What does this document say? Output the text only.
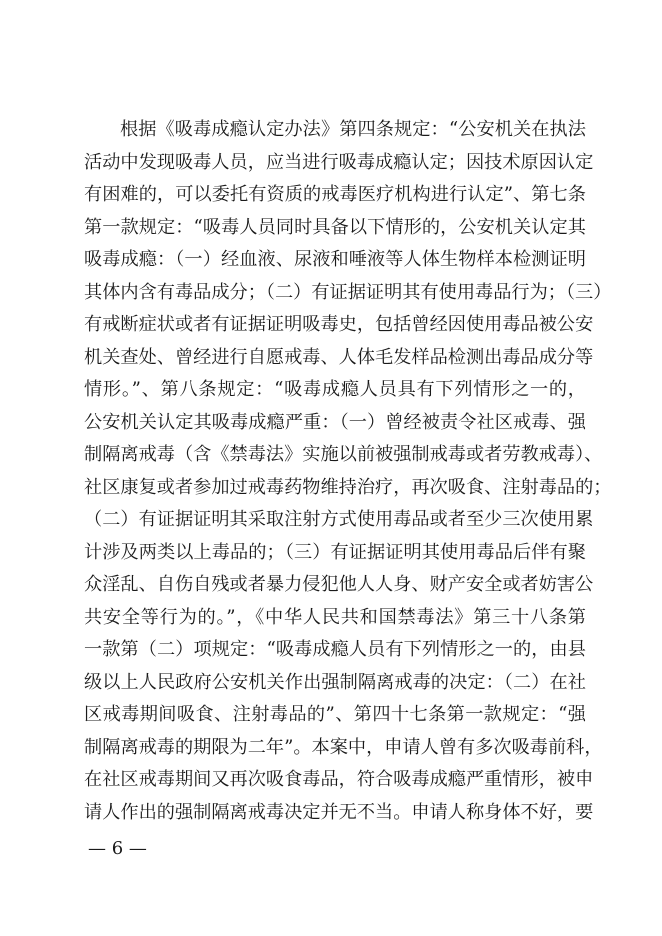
根据《吸毒成瘾认定办法》第四条规定：“公安机关在执法
活动中发现吸毒人员，应当进行吸毒成瘾认定；因技术原因认定
有困难的，可以委托有资质的戒毒医疗机构进行认定”、第七条
第一款规定：“吸毒人员同时具备以下情形的，公安机关认定其
吸毒成瘾：（一）经血液、尿液和唾液等人体生物样本检测证明
其体内含有毒品成分；（二）有证据证明其有使用毒品行为；（三）
有戒断症状或者有证据证明吸毒史，包括曾经因使用毒品被公安
机关查处、曾经进行自愿戒毒、人体毛发样品检测出毒品成分等
情形。”、第八条规定：“吸毒成瘾人员具有下列情形之一的，
公安机关认定其吸毒成瘾严重：（一）曾经被责令社区戒毒、强
制隔离戒毒（含《禁毒法》实施以前被强制戒毒或者劳教戒毒）、
社区康复或者参加过戒毒药物维持治疗，再次吸食、注射毒品的；
（二）有证据证明其采取注射方式使用毒品或者至少三次使用累
计涉及两类以上毒品的；（三）有证据证明其使用毒品后伴有聚
众淫乱、自伤自残或者暴力侵犯他人人身、财产安全或者妨害公
共安全等行为的。”，《中华人民共和国禁毒法》第三十八条第
一款第（二）项规定：“吸毒成瘾人员有下列情形之一的，由县
级以上人民政府公安机关作出强制隔离戒毒的决定：（二）在社
区戒毒期间吸食、注射毒品的”、第四十七条第一款规定：“强
制隔离戒毒的期限为二年”。本案中，申请人曾有多次吸毒前科，
在社区戒毒期间又再次吸食毒品，符合吸毒成瘾严重情形，被申
请人作出的强制隔离戒毒决定并无不当。申请人称身体不好，要
— 6 —
